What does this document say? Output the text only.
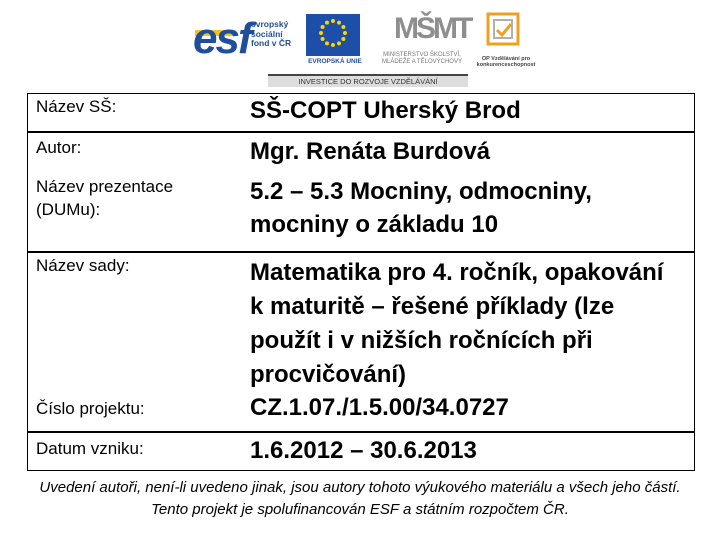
esf evropský sociální fond v ČR
EVROPSKÁ UNIE
MŠMT
MINISTERSTVO ŠKOLSTVÍ, MLÁDEŽE A TĚLOVÝCHOVY	OP Vzdělávání pro konkurenceschopnost
INVESTICE DO ROZVOJE VZDĚLÁVÁNÍ
Název SŠ:	SŠ-COPT Uherský Brod
Autor:	Mgr. Renáta Burdová
Název prezentace (DUMu):
5.2 – 5.3 Mocniny, odmocniny, mocniny o základu 10
Název sady:	Matematika pro 4. ročník, opakování k maturitě – řešené příklady (lze použít i v nižších ročnících při procvičování)
Číslo projektu:	CZ.1.07./1.5.00/34.0727
Datum vzniku:	1.6.2012 – 30.6.2013
Uvedení autoři, není-li uvedeno jinak, jsou autory tohoto výukového materiálu a všech jeho částí. Tento projekt je spolufinancován ESF a státním rozpočtem ČR.
